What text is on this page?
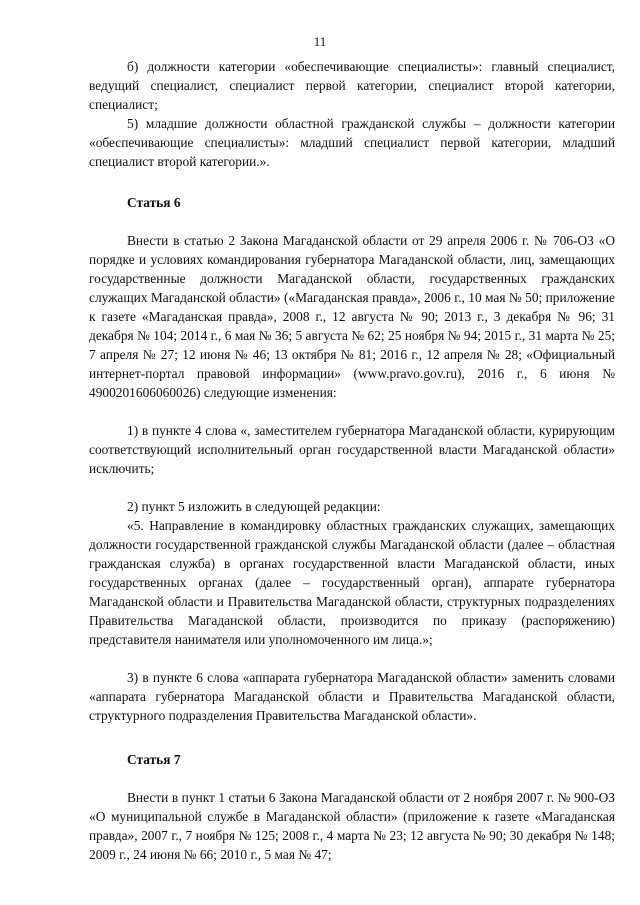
11

б) должности категории «обеспечивающие специалисты»: главный специалист, ведущий специалист, специалист первой категории, специалист второй категории, специалист;

5) младшие должности областной гражданской службы – должности категории «обеспечивающие специалисты»: младший специалист первой категории, младший специалист второй категории.».

Статья 6

Внести в статью 2 Закона Магаданской области от 29 апреля 2006 г. № 706-ОЗ «О порядке и условиях командирования губернатора Магаданской области, лиц, замещающих государственные должности Магаданской области, государственных гражданских служащих Магаданской области» («Магаданская правда», 2006 г., 10 мая № 50; приложение к газете «Магаданская правда», 2008 г., 12 августа № 90; 2013 г., 3 декабря № 96; 31 декабря № 104; 2014 г., 6 мая № 36; 5 августа № 62; 25 ноября № 94; 2015 г., 31 марта № 25; 7 апреля № 27; 12 июня № 46; 13 октября № 81; 2016 г., 12 апреля № 28; «Официальный интернет-портал правовой информации» (www.pravo.gov.ru), 2016 г., 6 июня № 4900201606060026) следующие изменения:

1) в пункте 4 слова «, заместителем губернатора Магаданской области, курирующим соответствующий исполнительный орган государственной власти Магаданской области» исключить;

2) пункт 5 изложить в следующей редакции:

«5. Направление в командировку областных гражданских служащих, замещающих должности государственной гражданской службы Магаданской области (далее – областная гражданская служба) в органах государственной власти Магаданской области, иных государственных органах (далее – государственный орган), аппарате губернатора Магаданской области и Правительства Магаданской области, структурных подразделениях Правительства Магаданской области, производится по приказу (распоряжению) представителя нанимателя или уполномоченного им лица.»;

3) в пункте 6 слова «аппарата губернатора Магаданской области» заменить словами «аппарата губернатора Магаданской области и Правительства Магаданской области, структурного подразделения Правительства Магаданской области».

Статья 7

Внести в пункт 1 статьи 6 Закона Магаданской области от 2 ноября 2007 г. № 900-ОЗ «О муниципальной службе в Магаданской области» (приложение к газете «Магаданская правда», 2007 г., 7 ноября № 125; 2008 г., 4 марта № 23; 12 августа № 90; 30 декабря № 148; 2009 г., 24 июня № 66; 2010 г., 5 мая № 47;
